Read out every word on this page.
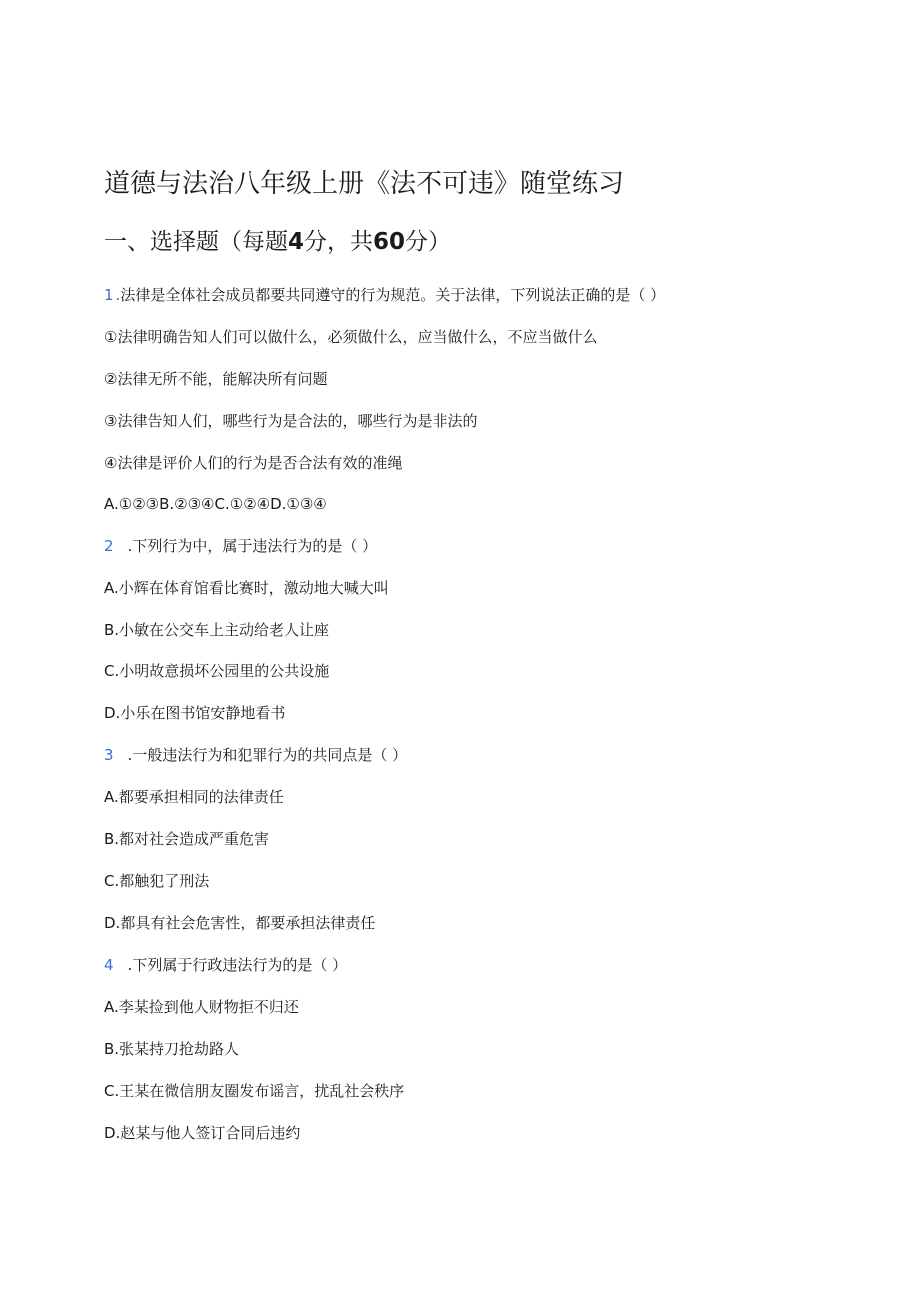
道德与法治八年级上册《法不可违》随堂练习
一、选择题（每题4分，共60分）
1 .法律是全体社会成员都要共同遵守的行为规范。关于法律，下列说法正确的是（ ）
①法律明确告知人们可以做什么，必须做什么，应当做什么，不应当做什么
②法律无所不能，能解决所有问题
③法律告知人们，哪些行为是合法的，哪些行为是非法的
④法律是评价人们的行为是否合法有效的准绳
A.①②③B.②③④C.①②④D.①③④
2 .下列行为中，属于违法行为的是（ ）
A.小辉在体育馆看比赛时，激动地大喊大叫
B.小敏在公交车上主动给老人让座
C.小明故意损坏公园里的公共设施
D.小乐在图书馆安静地看书
3 .一般违法行为和犯罪行为的共同点是（ ）
A.都要承担相同的法律责任
B.都对社会造成严重危害
C.都触犯了刑法
D.都具有社会危害性，都要承担法律责任
4 .下列属于行政违法行为的是（ ）
A.李某捡到他人财物拒不归还
B.张某持刀抢劫路人
C.王某在微信朋友圈发布谣言，扰乱社会秩序
D.赵某与他人签订合同后违约
